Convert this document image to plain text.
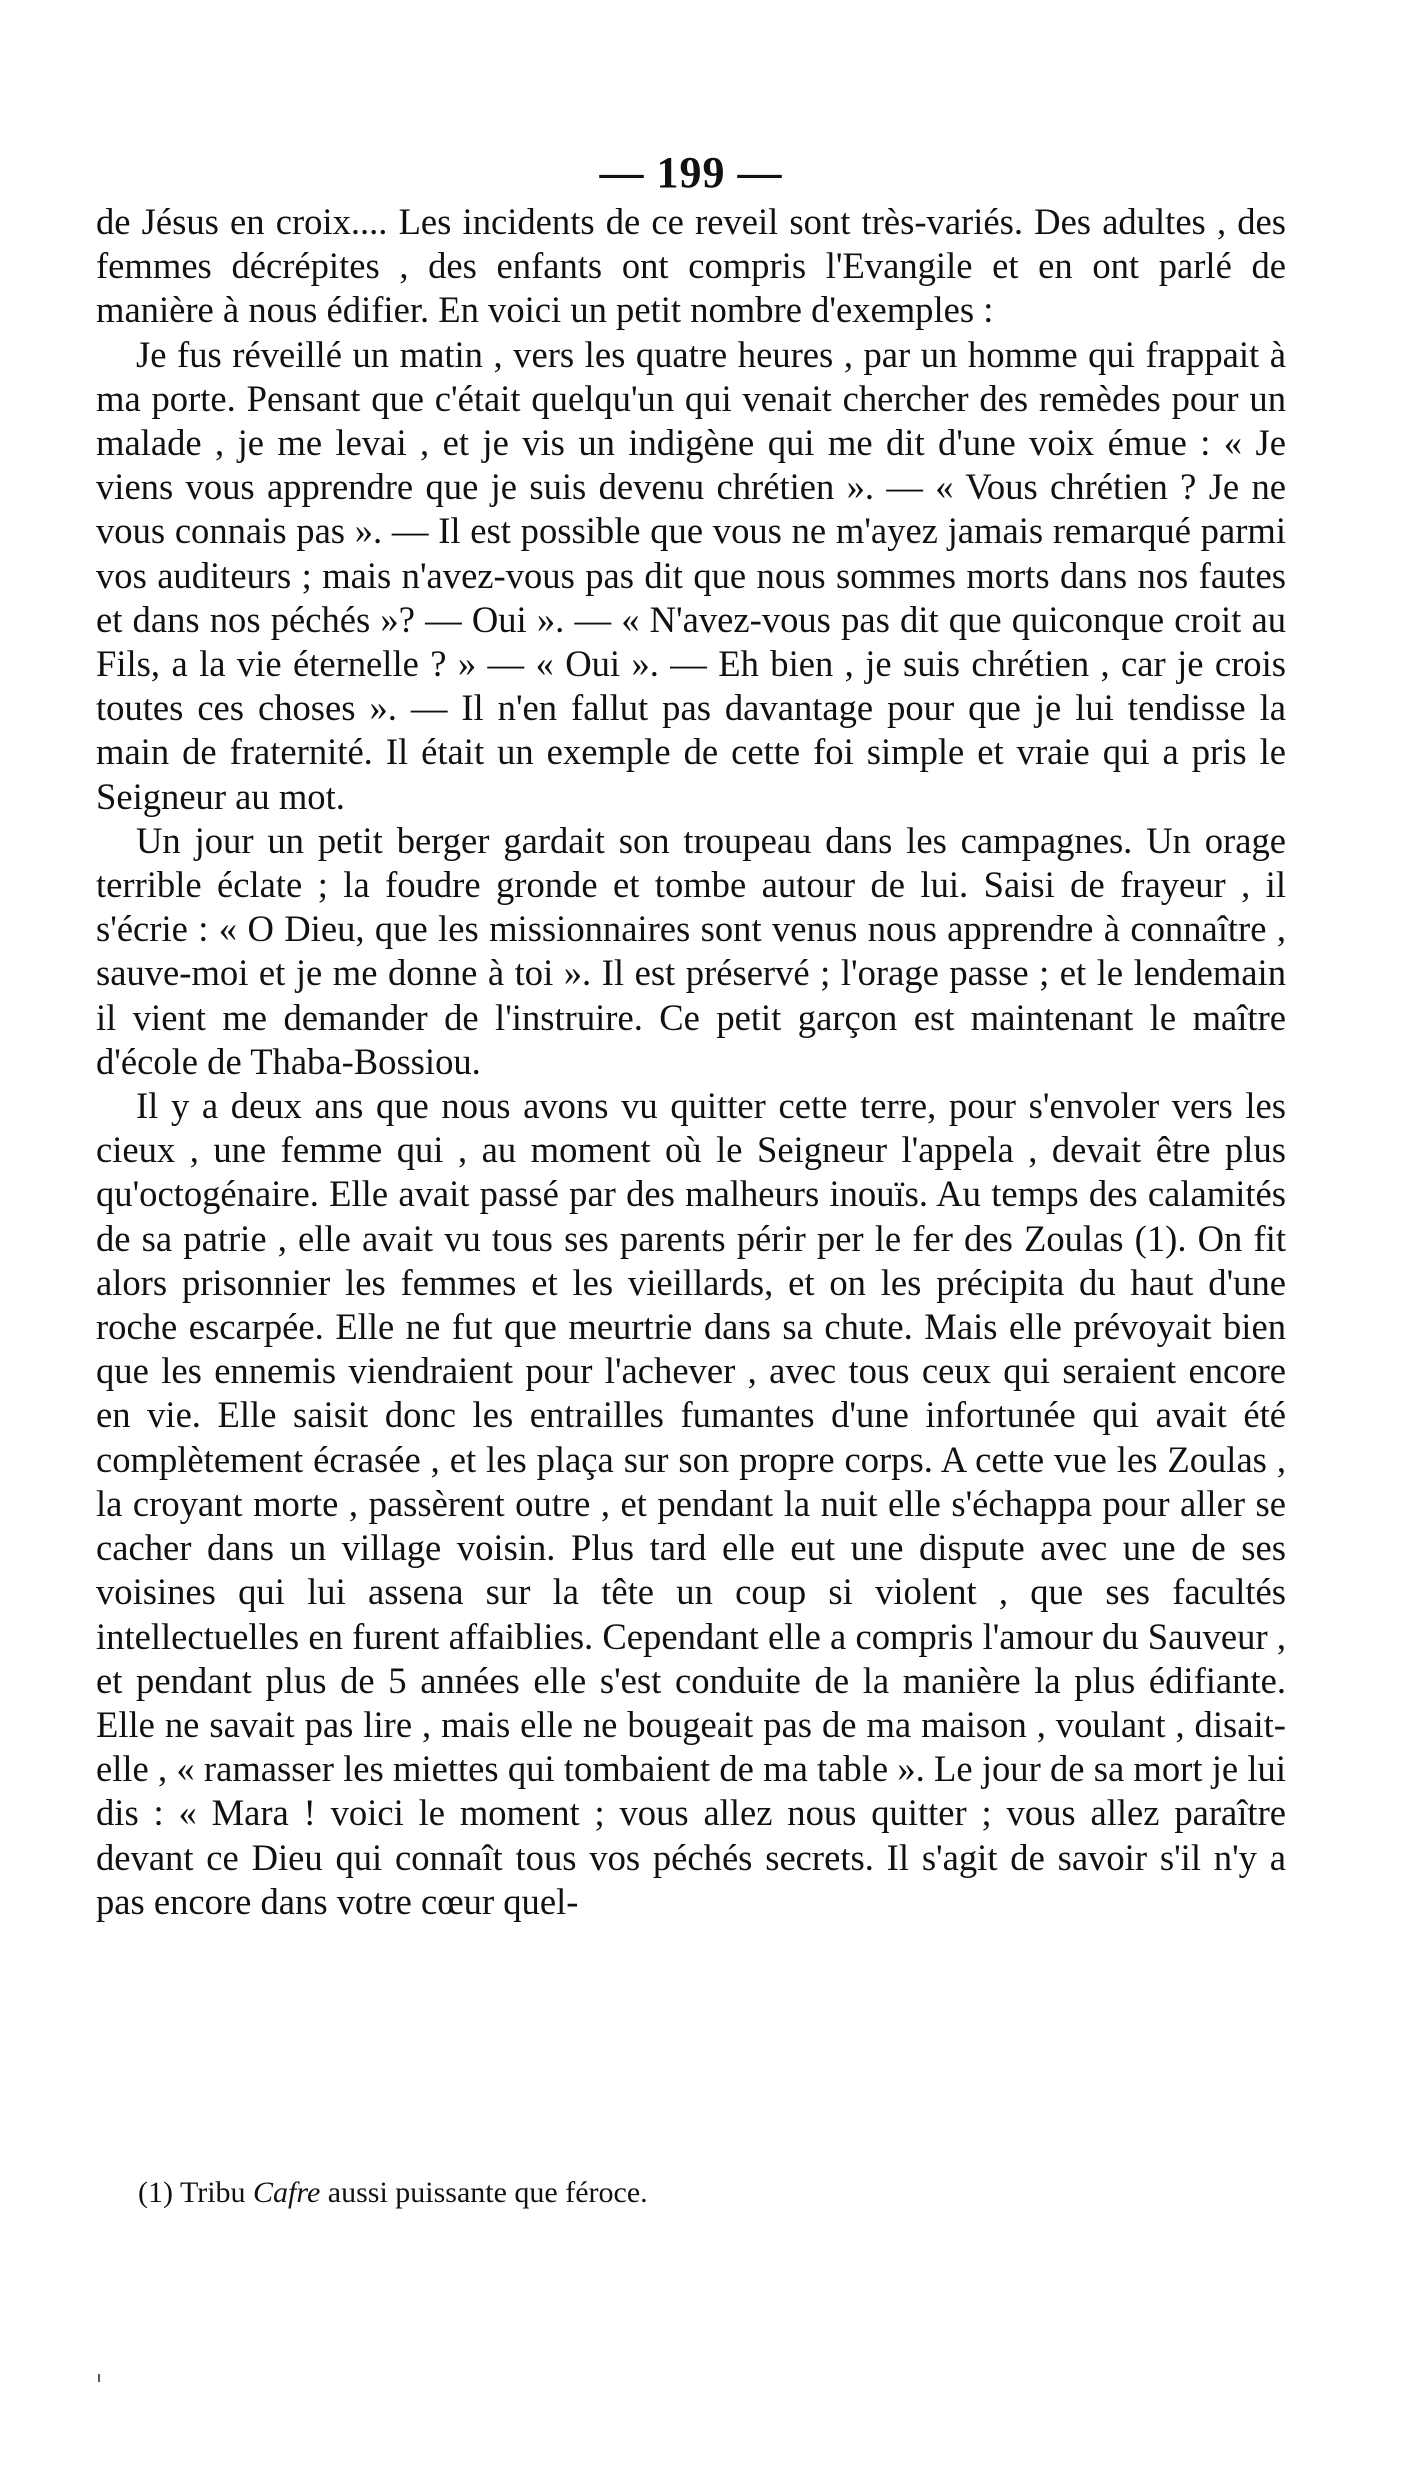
— 199 —

de Jésus en croix.... Les incidents de ce reveil sont très-variés. Des adultes , des femmes décrépites , des enfants ont compris l'Evangile et en ont parlé de manière à nous édifier. En voici un petit nombre d'exemples :

Je fus réveillé un matin , vers les quatre heures , par un homme qui frappait à ma porte. Pensant que c'était quelqu'un qui venait chercher des remèdes pour un malade , je me levai , et je vis un indigène qui me dit d'une voix émue : « Je viens vous apprendre que je suis devenu chrétien ». — « Vous chrétien ? Je ne vous connais pas ». — Il est possible que vous ne m'ayez jamais remarqué parmi vos auditeurs ; mais n'avez-vous pas dit que nous sommes morts dans nos fautes et dans nos péchés »? — Oui ». — « N'avez-vous pas dit que quiconque croit au Fils, a la vie éternelle ? » — « Oui ». — Eh bien , je suis chrétien , car je crois toutes ces choses ». — Il n'en fallut pas davantage pour que je lui tendisse la main de fraternité. Il était un exemple de cette foi simple et vraie qui a pris le Seigneur au mot.

Un jour un petit berger gardait son troupeau dans les campagnes. Un orage terrible éclate ; la foudre gronde et tombe autour de lui. Saisi de frayeur , il s'écrie : « O Dieu, que les missionnaires sont venus nous apprendre à connaître , sauve-moi et je me donne à toi ». Il est préservé ; l'orage passe ; et le lendemain il vient me demander de l'instruire. Ce petit garçon est maintenant le maître d'école de Thaba-Bossiou.

Il y a deux ans que nous avons vu quitter cette terre, pour s'envoler vers les cieux , une femme qui , au moment où le Seigneur l'appela , devait être plus qu'octogénaire. Elle avait passé par des malheurs inouïs. Au temps des calamités de sa patrie , elle avait vu tous ses parents périr per le fer des Zoulas (1). On fit alors prisonnier les femmes et les vieillards, et on les précipita du haut d'une roche escarpée. Elle ne fut que meurtrie dans sa chute. Mais elle prévoyait bien que les ennemis viendraient pour l'achever , avec tous ceux qui seraient encore en vie. Elle saisit donc les entrailles fumantes d'une infortunée qui avait été complètement écrasée , et les plaça sur son propre corps. A cette vue les Zoulas , la croyant morte , passèrent outre , et pendant la nuit elle s'échappa pour aller se cacher dans un village voisin. Plus tard elle eut une dispute avec une de ses voisines qui lui assena sur la tête un coup si violent , que ses facultés intellectuelles en furent affaiblies. Cependant elle a compris l'amour du Sauveur , et pendant plus de 5 années elle s'est conduite de la manière la plus édifiante. Elle ne savait pas lire , mais elle ne bougeait pas de ma maison , voulant , disait-elle , « ramasser les miettes qui tombaient de ma table ». Le jour de sa mort je lui dis : « Mara ! voici le moment ; vous allez nous quitter ; vous allez paraître devant ce Dieu qui connaît tous vos péchés secrets. Il s'agit de savoir s'il n'y a pas encore dans votre cœur quel-

(1) Tribu Cafre aussi puissante que féroce.
